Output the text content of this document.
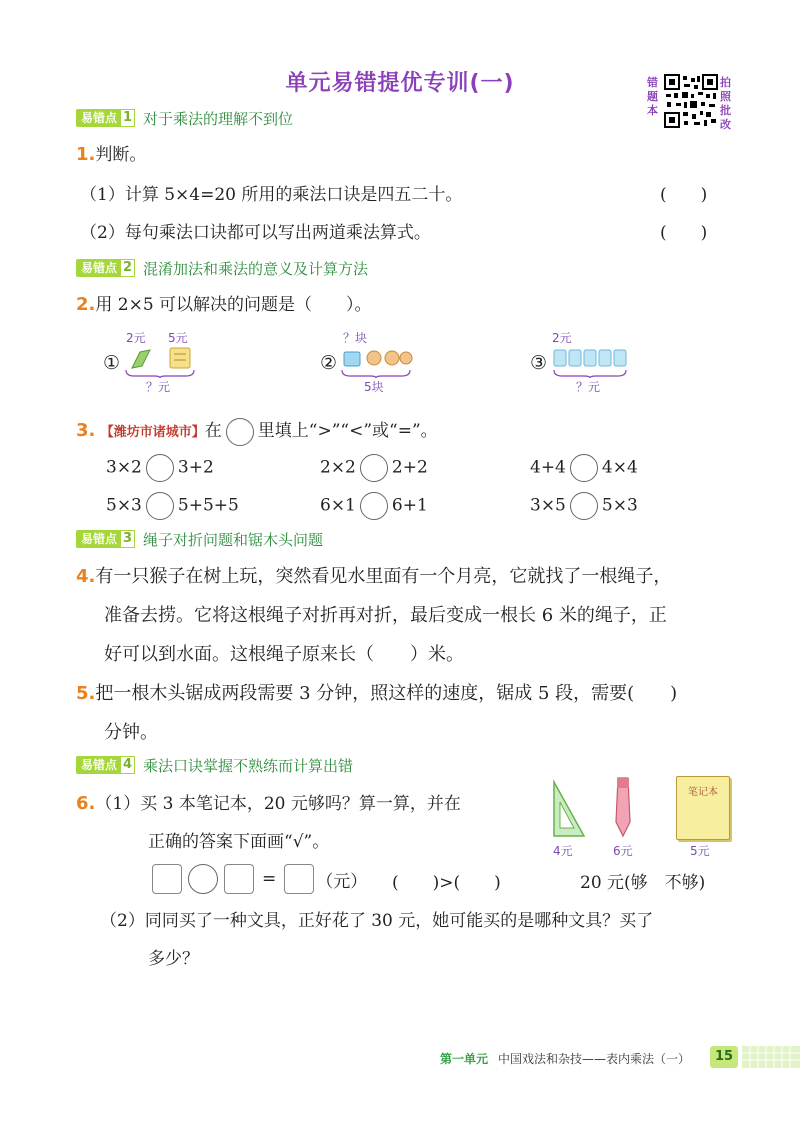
单元易错提优专训(一)	错题本
拍照批改
易错点 1 对于乘法的理解不到位
1.判断。
（1）计算 5×4=20 所用的乘法口诀是四五二十。	(　　)
（2）每句乘法口诀都可以写出两道乘法算式。	(　　)
易错点 2 混淆加法和乘法的意义及计算方法
2.用 2×5 可以解决的问题是（　　）。
2元 5元
①
？元
？块
②
5块
2元
③
？元
3. 【潍坊市诸城市】在 里填上“>”“<”或“=”。
3×2 3+2	2×2 2+2	4+4 4×4
5×3 5+5+5	6×1 6+1	3×5 5×3
易错点 3 绳子对折问题和锯木头问题
4.有一只猴子在树上玩，突然看见水里面有一个月亮，它就找了一根绳子，
准备去捞。它将这根绳子对折再对折，最后变成一根长 6 米的绳子，正
好可以到水面。这根绳子原来长（　　）米。
5.把一根木头锯成两段需要 3 分钟，照这样的速度，锯成 5 段，需要(　　)
分钟。
易错点 4 乘法口诀掌握不熟练而计算出错
6.（1）买 3 本笔记本，20 元够吗？算一算，并在
正确的答案下面画“√”。	4元	6元
笔记本
5元
= （元） (　　)>(　　)	20 元(够　不够)
（2）同同买了一种文具，正好花了 30 元，她可能买的是哪种文具？买了
多少？
第一单元 中国戏法和杂技——表内乘法（一）	15
